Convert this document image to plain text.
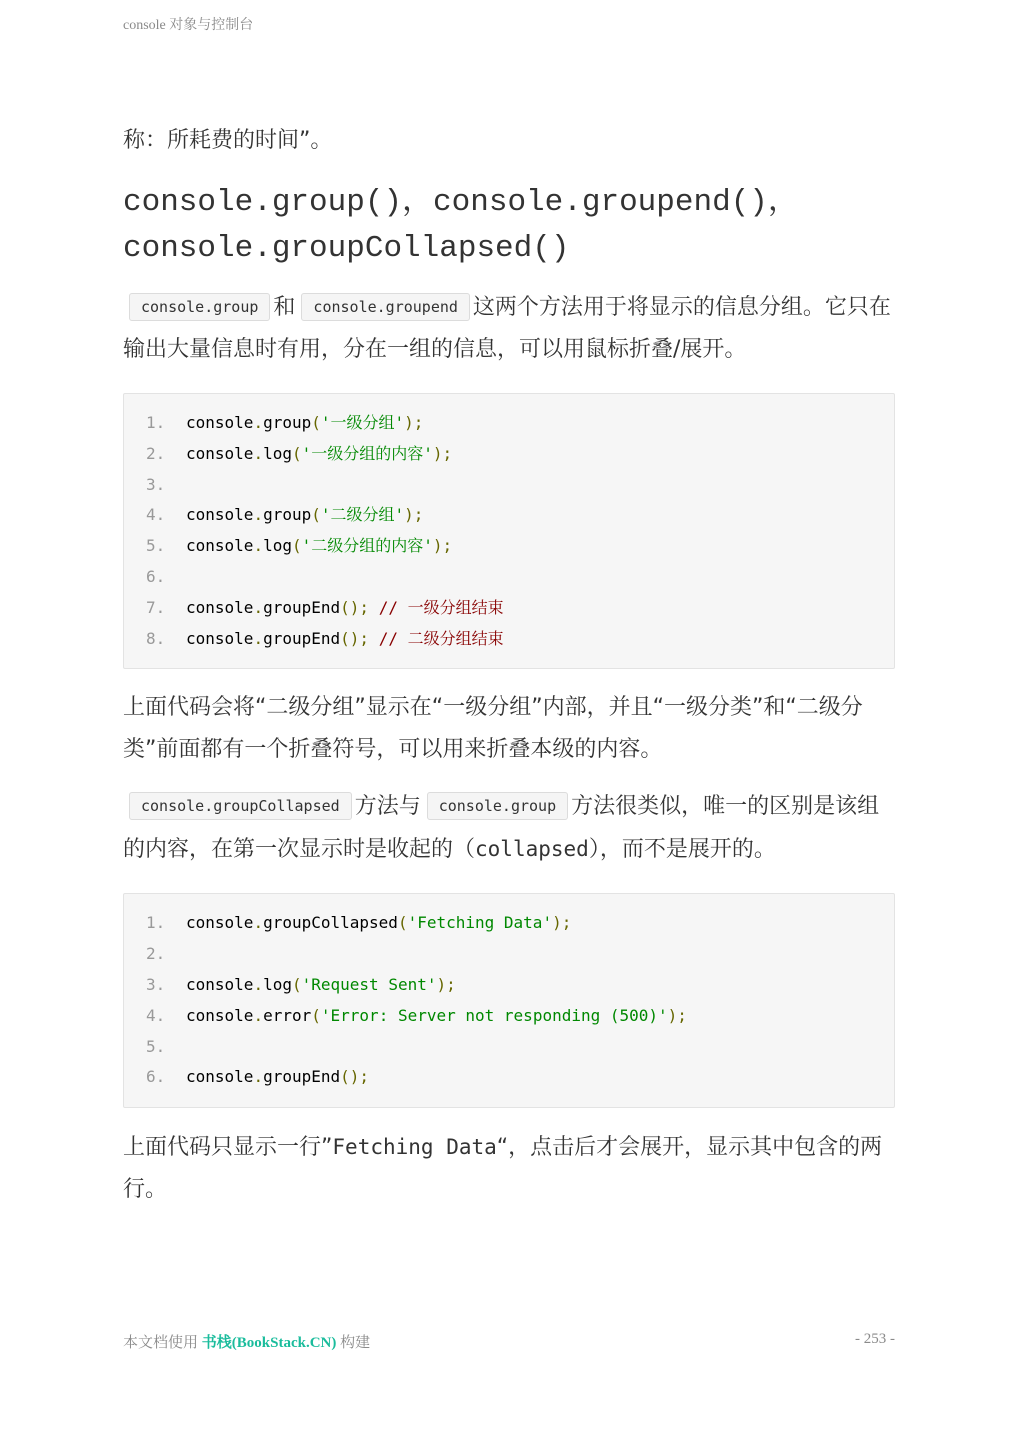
console 对象与控制台

称：所耗费的时间”。

console.group()，console.groupend()，console.groupCollapsed()

console.group 和 console.groupend 这两个方法用于将显示的信息分组。它只在输出大量信息时有用，分在一组的信息，可以用鼠标折叠/展开。

1. console.group('一级分组');
2. console.log('一级分组的内容');
3.
4. console.group('二级分组');
5. console.log('二级分组的内容');
6.
7. console.groupEnd(); // 一级分组结束
8. console.groupEnd(); // 二级分组结束

上面代码会将“二级分组”显示在“一级分组”内部，并且“一级分类”和“二级分类”前面都有一个折叠符号，可以用来折叠本级的内容。

console.groupCollapsed 方法与 console.group 方法很类似，唯一的区别是该组的内容，在第一次显示时是收起的（collapsed），而不是展开的。

1. console.groupCollapsed('Fetching Data');
2.
3. console.log('Request Sent');
4. console.error('Error: Server not responding (500)');
5.
6. console.groupEnd();

上面代码只显示一行”Fetching Data“，点击后才会展开，显示其中包含的两行。

本文档使用 书栈(BookStack.CN) 构建	- 253 -
